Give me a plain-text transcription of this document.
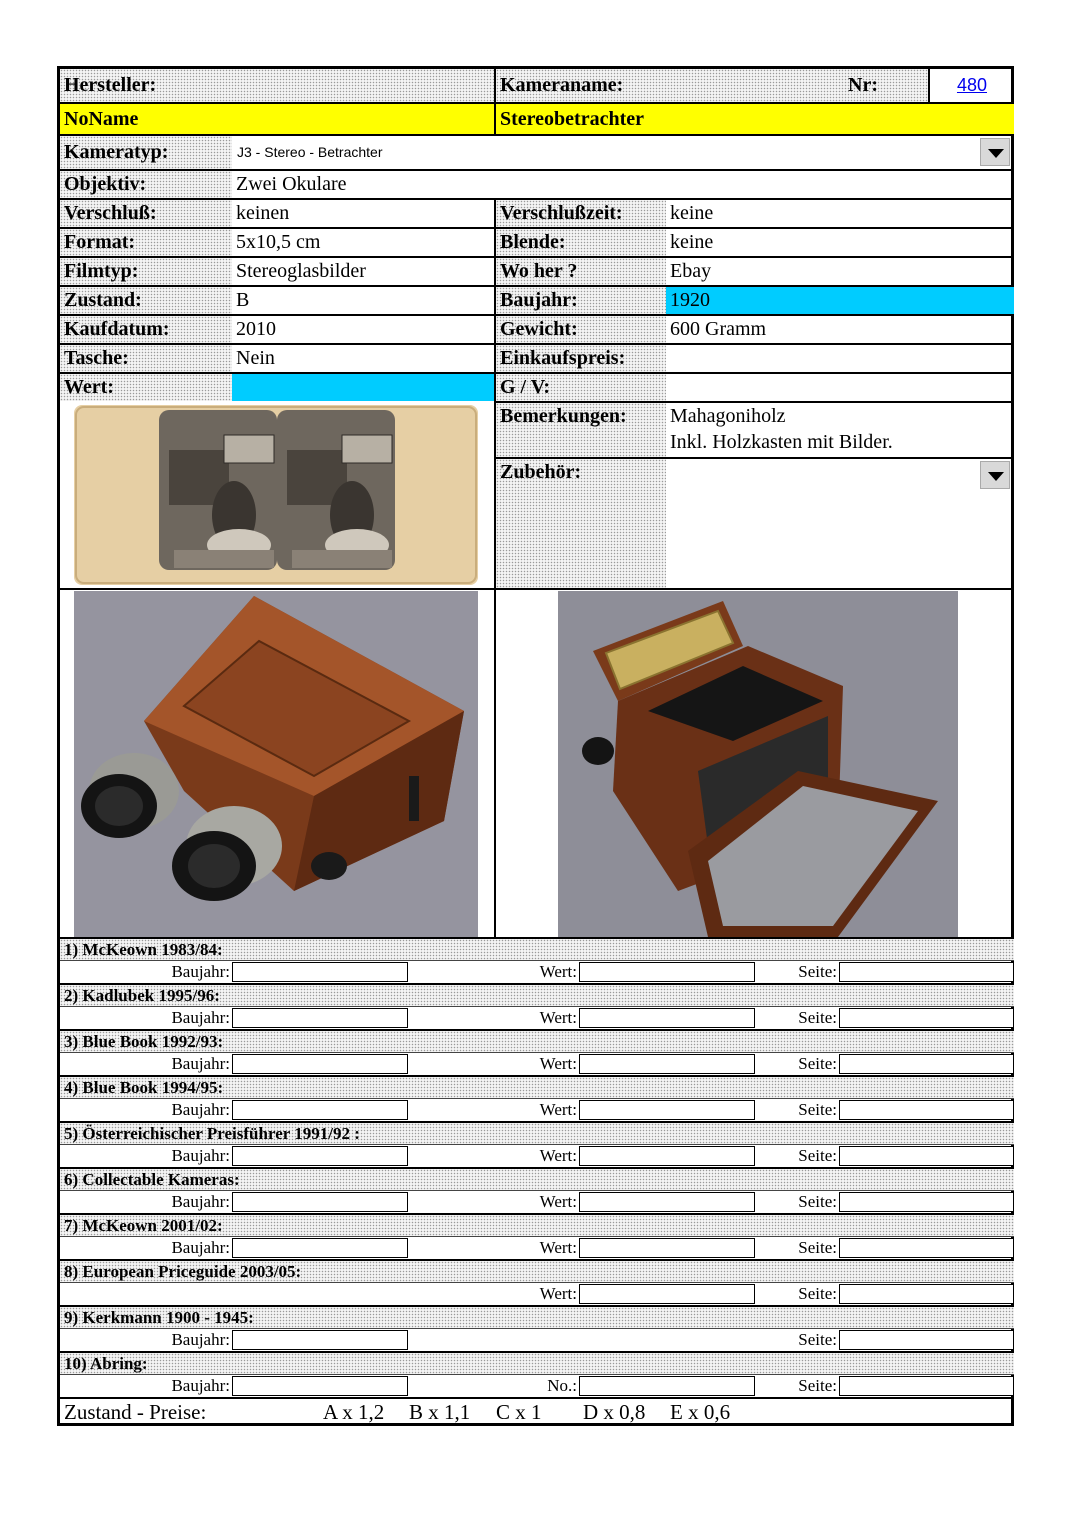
Hersteller:	Kameraname:	Nr:	480
NoName	Stereobetrachter
Kameratyp:	J3 - Stereo - Betrachter
Objektiv:	Zwei Okulare
Verschluß:	keinen	Verschlußzeit:	keine
Format:	5x10,5 cm	Blende:	keine
Filmtyp:	Stereoglasbilder	Wo her ?	Ebay
Zustand:	B	Baujahr:	1920
Kaufdatum:	2010	Gewicht:	600 Gramm
Tasche:	Nein	Einkaufspreis:
Wert:	G / V:
Bemerkungen:	Mahagoniholz
Inkl. Holzkasten mit Bilder.
Zubehör:
1) McKeown 1983/84:
Baujahr:	Wert:	Seite:
2) Kadlubek 1995/96:
Baujahr:	Wert:	Seite:
3) Blue Book 1992/93:
Baujahr:	Wert:	Seite:
4) Blue Book 1994/95:
Baujahr:	Wert:	Seite:
5) Österreichischer Preisführer 1991/92 :
Baujahr:	Wert:	Seite:
6) Collectable Kameras:
Baujahr:	Wert:	Seite:
7) McKeown 2001/02:
Baujahr:	Wert:	Seite:
8) European Priceguide 2003/05:
Wert:	Seite:
9) Kerkmann 1900 - 1945:
Baujahr:	Seite:
10) Abring:
Baujahr:	No.:	Seite:
Zustand - Preise:	A x 1,2 B x 1,1 C x 1 D x 0,8 E x 0,6
